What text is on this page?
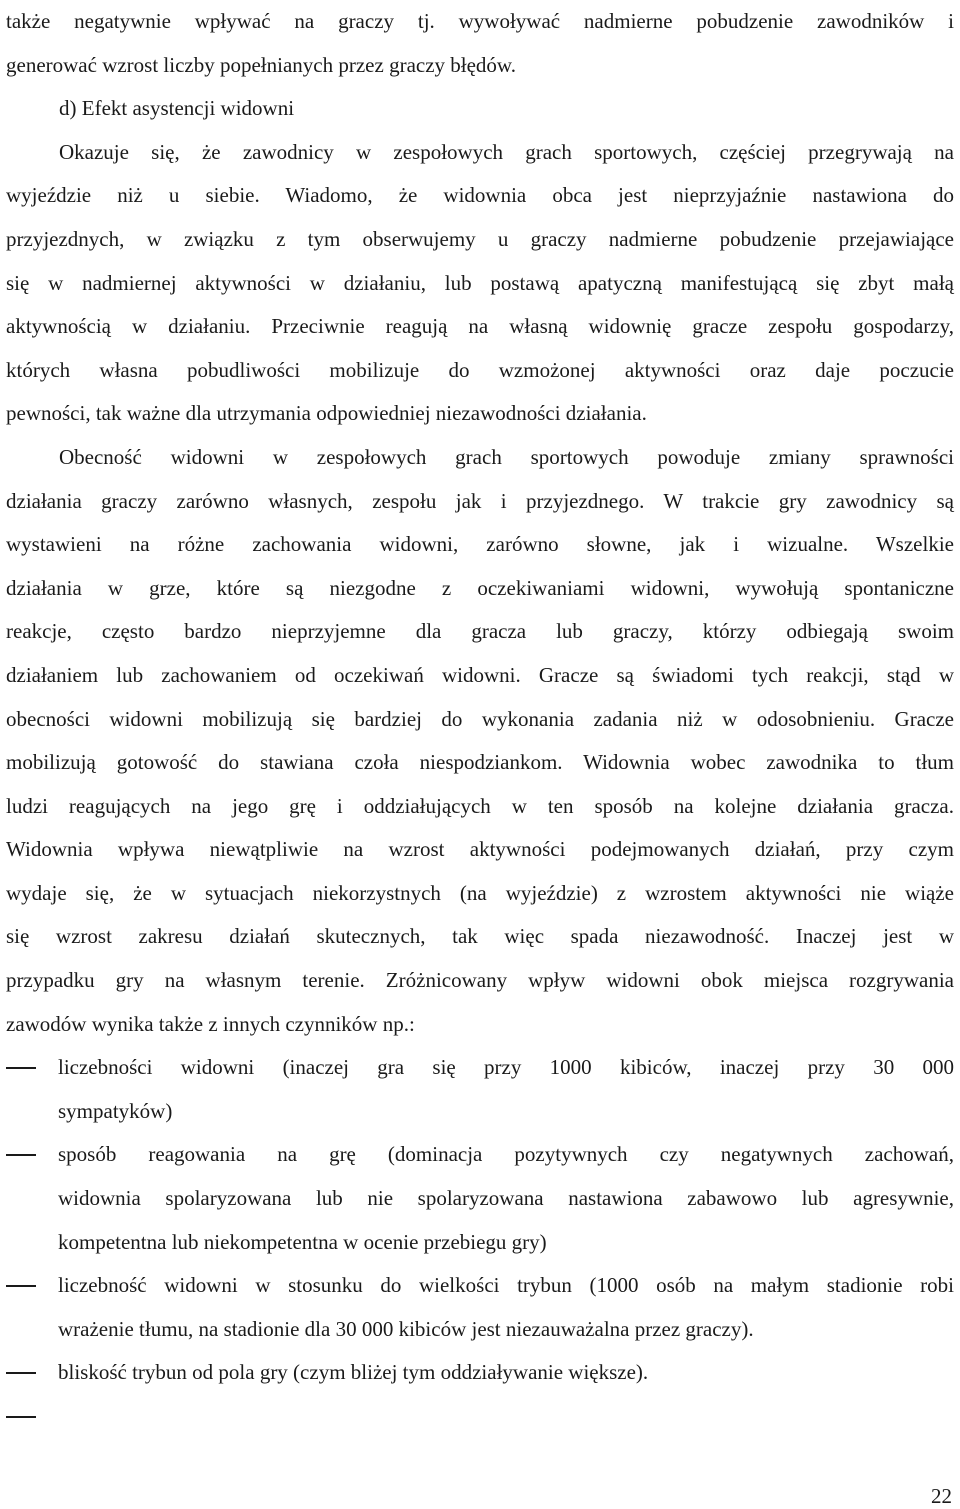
także negatywnie wpływać na graczy tj. wywoływać nadmierne pobudzenie zawodników i
generować wzrost liczby popełnianych przez graczy błędów.

d) Efekt asystencji widowni

Okazuje się, że zawodnicy w zespołowych grach sportowych, częściej przegrywają na
wyjeździe niż u siebie. Wiadomo, że widownia obca jest nieprzyjaźnie nastawiona do
przyjezdnych, w związku z tym obserwujemy u graczy nadmierne pobudzenie przejawiające
się w nadmiernej aktywności w działaniu, lub postawą apatyczną manifestującą się zbyt małą
aktywnością w działaniu. Przeciwnie reagują na własną widownię gracze zespołu gospodarzy,
których własna pobudliwości mobilizuje do wzmożonej aktywności oraz daje poczucie
pewności, tak ważne dla utrzymania odpowiedniej niezawodności działania.

Obecność widowni w zespołowych grach sportowych powoduje zmiany sprawności
działania graczy zarówno własnych, zespołu jak i przyjezdnego. W trakcie gry zawodnicy są
wystawieni na różne zachowania widowni, zarówno słowne, jak i wizualne. Wszelkie
działania w grze, które są niezgodne z oczekiwaniami widowni, wywołują spontaniczne
reakcje, często bardzo nieprzyjemne dla gracza lub graczy, którzy odbiegają swoim
działaniem lub zachowaniem od oczekiwań widowni. Gracze są świadomi tych reakcji, stąd w
obecności widowni mobilizują się bardziej do wykonania zadania niż w odosobnieniu. Gracze
mobilizują gotowość do stawiana czoła niespodziankom. Widownia wobec zawodnika to tłum
ludzi reagujących na jego grę i oddziałujących w ten sposób na kolejne działania gracza.
Widownia wpływa niewątpliwie na wzrost aktywności podejmowanych działań, przy czym
wydaje się, że w sytuacjach niekorzystnych (na wyjeździe) z wzrostem aktywności nie wiąże
się wzrost zakresu działań skutecznych, tak więc spada niezawodność. Inaczej jest w
przypadku gry na własnym terenie. Zróżnicowany wpływ widowni obok miejsca rozgrywania
zawodów wynika także z innych czynników np.:

liczebności widowni (inaczej gra się przy 1000 kibiców, inaczej przy 30 000
sympatyków)
sposób reagowania na grę (dominacja pozytywnych czy negatywnych zachowań,
widownia spolaryzowana lub nie spolaryzowana nastawiona zabawowo lub agresywnie,
kompetentna lub niekompetentna w ocenie przebiegu gry)
liczebność widowni w stosunku do wielkości trybun (1000 osób na małym stadionie robi
wrażenie tłumu, na stadionie dla 30 000 kibiców jest niezauważalna przez graczy).
bliskość trybun od pola gry (czym bliżej tym oddziaływanie większe).
22
